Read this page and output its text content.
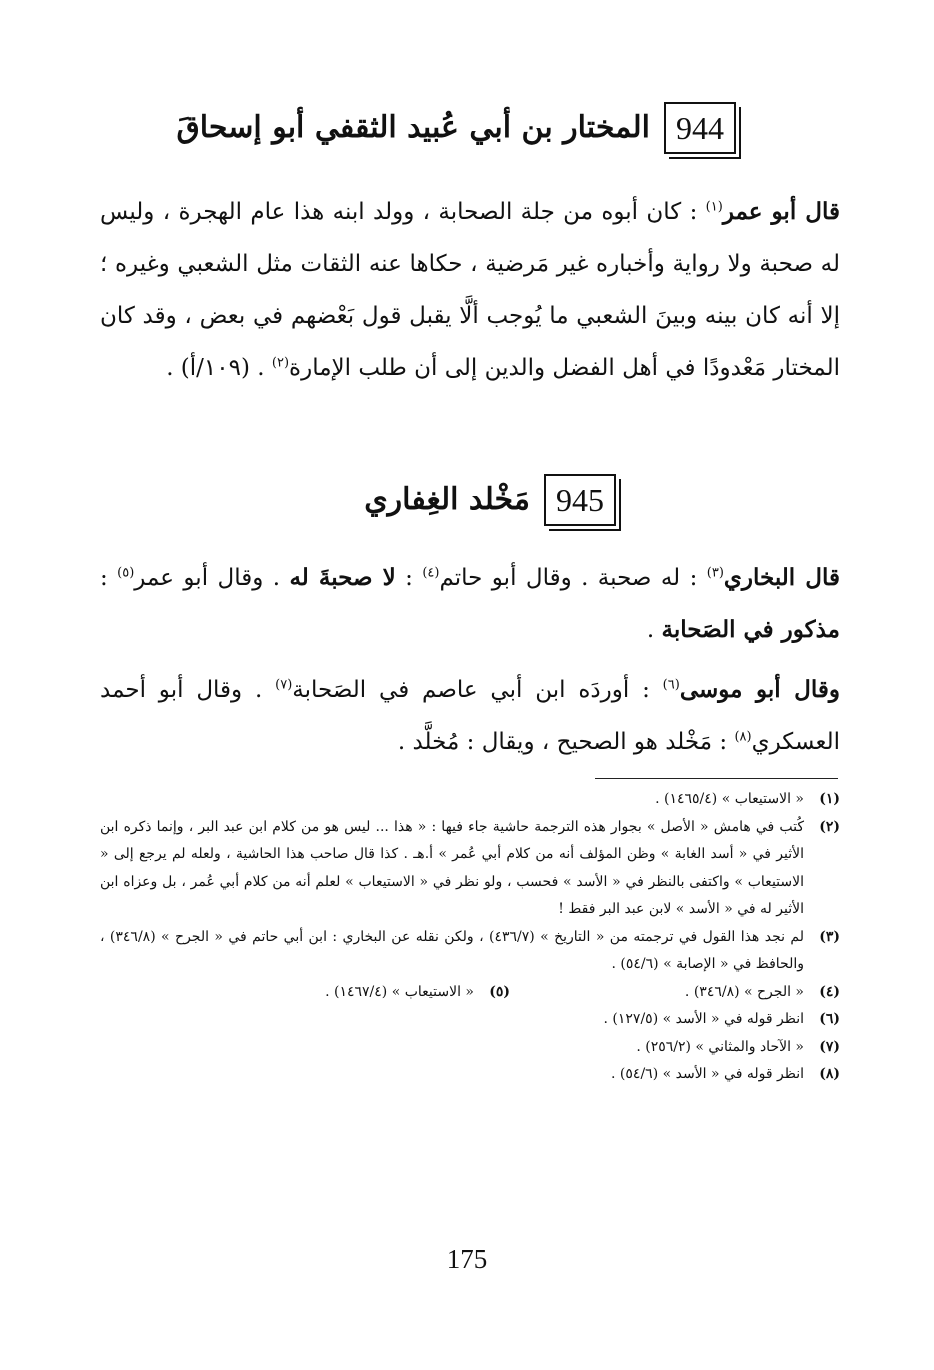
944
المختار بن أبي عُبيد الثقفي أبو إسحاقَ
قال أبو عمر$^{(١)}$ : كان أبوه من جلة الصحابة ، وولد ابنه هذا عام الهجرة ، وليس له صحبة ولا رواية وأخباره غير مَرضية ، حكاها عنه الثقات مثل الشعبي وغيره ؛ إلا أنه كان بينه وبينَ الشعبي ما يُوجب ألَّا يقبل قول بَعْضهم في بعض ، وقد كان المختار مَعْدودًا في أهل الفضل والدين إلى أن طلب الإمارة$^{(٢)}$ . (١٠٩/أ) .
945
مَخْلد الغِفاري
قال البخاري$^{(٣)}$ : له صحبة . وقال أبو حاتم$^{(٤)}$ : لا صحبةَ له . وقال أبو عمر$^{(٥)}$ : مذكور في الصَحابة .
وقال أبو موسى$^{(٦)}$ : أوردَه ابن أبي عاصم في الصَحابة$^{(٧)}$ . وقال أبو أحمد العسكري$^{(٨)}$ : مَخْلد هو الصحيح ، ويقال : مُخلَّد .
(١)
« الاستيعاب » (١٤٦٥/٤) .
(٢)
كُتب في هامش « الأصل » بجوار هذه الترجمة حاشية جاء فيها : « هذا ... ليس هو من كلام ابن عبد البر ، وإنما ذكره ابن الأثير في « أسد الغابة » وظن المؤلف أنه من كلام أبي عُمر » أ.هـ . كذا قال صاحب هذا الحاشية ، ولعله لم يرجع إلى « الاستيعاب » واكتفى بالنظر في « الأسد » فحسب ، ولو نظر في « الاستيعاب » لعلم أنه من كلام أبي عُمر ، بل وعزاه ابن الأثير له في « الأسد » لابن عبد البر فقط !
(٣)
لم نجد هذا القول في ترجمته من « التاريخ » (٤٣٦/٧) ، ولكن نقله عن البخاري : ابن أبي حاتم في « الجرح » (٣٤٦/٨) ، والحافظ في « الإصابة » (٥٤/٦) .
(٤)
« الجرح » (٣٤٦/٨) .
(٥)
« الاستيعاب » (١٤٦٧/٤) .
(٦)
انظر قوله في « الأسد » (١٢٧/٥) .
(٧)
« الآحاد والمثاني » (٢٥٦/٢) .
(٨)
انظر قوله في « الأسد » (٥٤/٦) .
175
